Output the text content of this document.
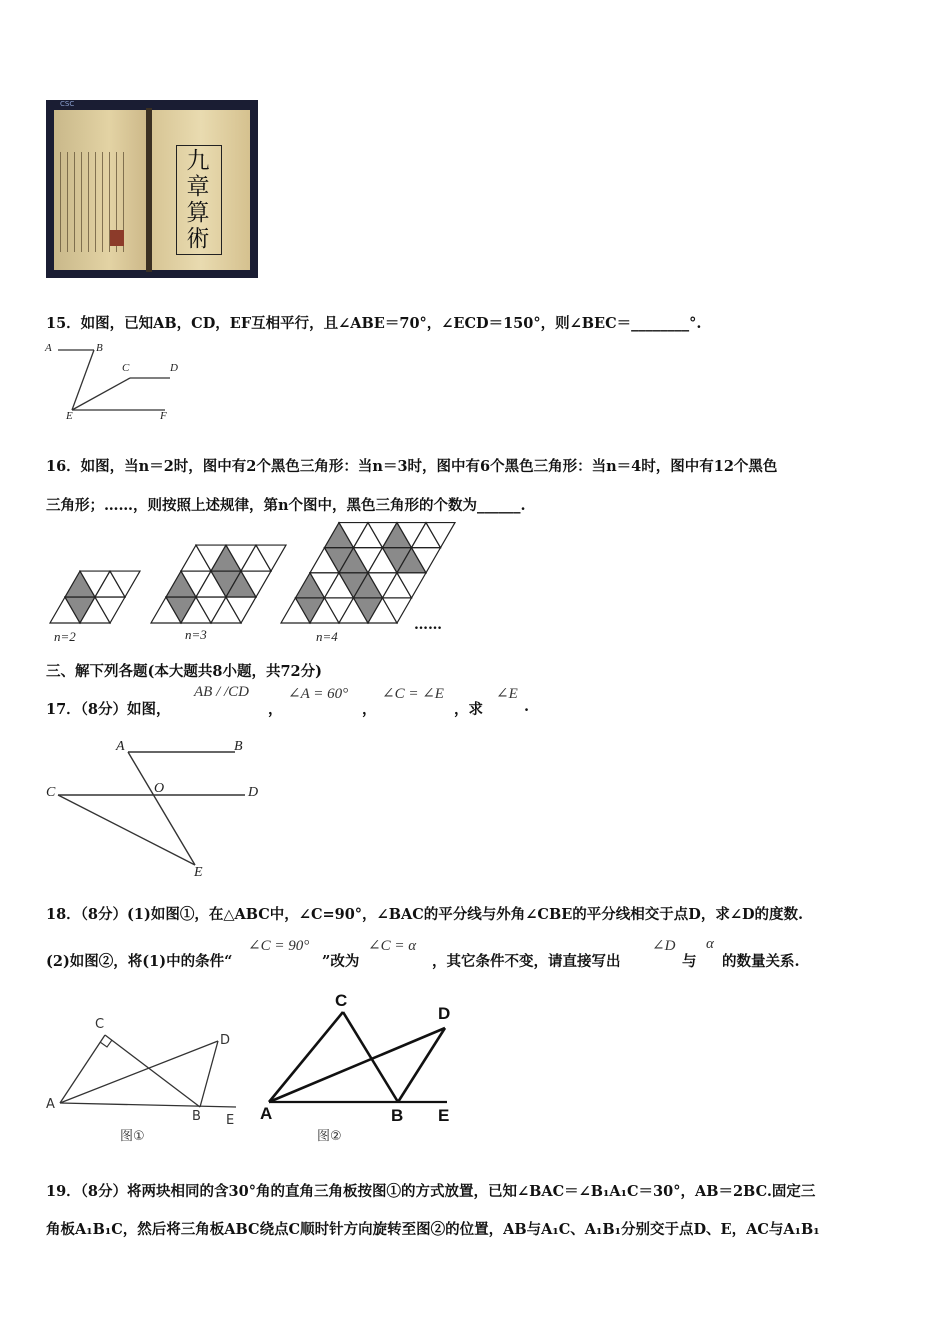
九
章
算
術
CSC
15．如图，已知AB，CD，EF互相平行，且∠ABE＝70°，∠ECD＝150°，则∠BEC＝________°.
A	B
C	D
E	F
16．如图，当n＝2时，图中有2个黑色三角形：当n＝3时，图中有6个黑色三角形：当n＝4时，图中有12个黑色
三角形；……，则按照上述规律，第n个图中，黑色三角形的个数为______.
n=2	n=3	n=4
……
三、解下列各题(本大题共8小题，共72分)
17．（8分）如图，
AB / /CD
，
∠A = 60°
，
∠C = ∠E
，求
∠E
.
A	B
C	O	D
E
18．（8分）(1)如图①，在△ABC中，∠C=90°，∠BAC的平分线与外角∠CBE的平分线相交于点D，求∠D的度数.
(2)如图②，将(1)中的条件“
∠C = 90°
”改为
∠C = α
，其它条件不变，请直接写出
∠D
与
α
的数量关系.
C
D
A
B E
图①
C
D
A	B E
图②
19．（8分）将两块相同的含30°角的直角三角板按图①的方式放置，已知∠BAC＝∠B₁A₁C＝30°，AB＝2BC.固定三
角板A₁B₁C，然后将三角板ABC绕点C顺时针方向旋转至图②的位置，AB与A₁C、A₁B₁分别交于点D、E，AC与A₁B₁
